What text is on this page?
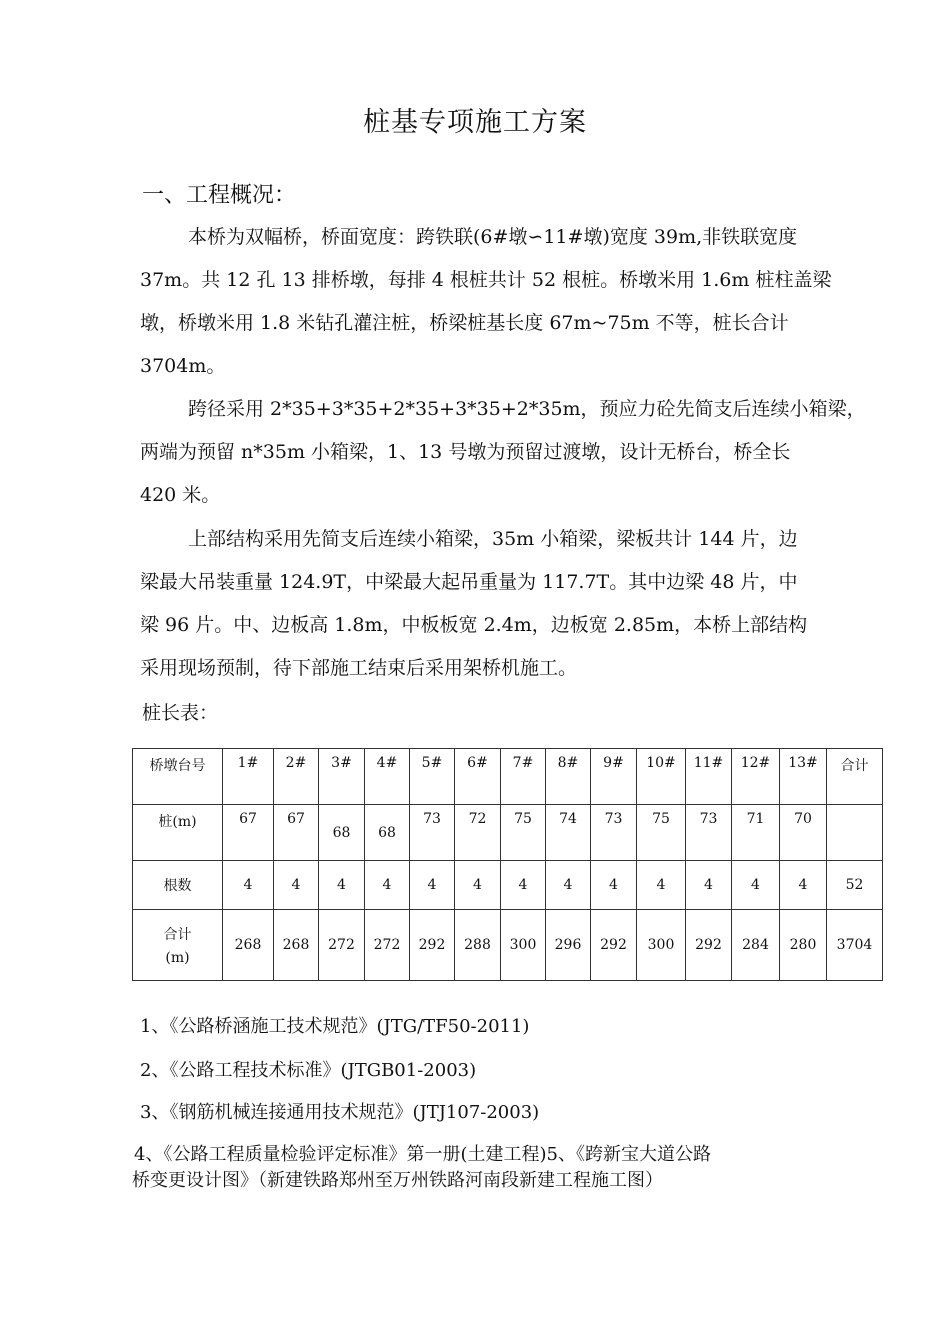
桩基专项施工方案
一、工程概况：
本桥为双幅桥，桥面宽度：跨铁联(6#墩∽11#墩)宽度 39m,非铁联宽度
37m。共 12 孔 13 排桥墩，每排 4 根桩共计 52 根桩。桥墩米用 1.6m 桩柱盖梁
墩，桥墩米用 1.8 米钻孔灌注桩，桥梁桩基长度 67m~75m 不等，桩长合计
3704m。
跨径采用 2*35+3*35+2*35+3*35+2*35m，预应力砼先简支后连续小箱梁，
两端为预留 n*35m 小箱梁，1、13 号墩为预留过渡墩，设计无桥台，桥全长
420 米。
上部结构采用先简支后连续小箱梁，35m 小箱梁，梁板共计 144 片，边
梁最大吊装重量 124.9T，中梁最大起吊重量为 117.7T。其中边梁 48 片，中
梁 96 片。中、边板高 1.8m，中板板宽 2.4m，边板宽 2.85m，本桥上部结构
采用现场预制，待下部施工结束后采用架桥机施工。
桩长表：
桥墩台号	1#	2#	3#	4#	5#	6#	7#	8#	9#	10#	11#	12#	13#	合计
桩(m)	67	67	68	68	73	72	75	74	73	75	73	71	70	
根数	4	4	4	4	4	4	4	4	4	4	4	4	4	52

合计
(m)	268	268	272	272	292	288	300	296	292	300	292	284	280	3704
1、《公路桥涵施工技术规范》(JTG/TF50-2011)
2、《公路工程技术标准》(JTGB01-2003)
3、《钢筋机械连接通用技术规范》(JTJ107-2003)
4、《公路工程质量检验评定标准》第一册(土建工程)5、《跨新宝大道公路
桥变更设计图》（新建铁路郑州至万州铁路河南段新建工程施工图）
